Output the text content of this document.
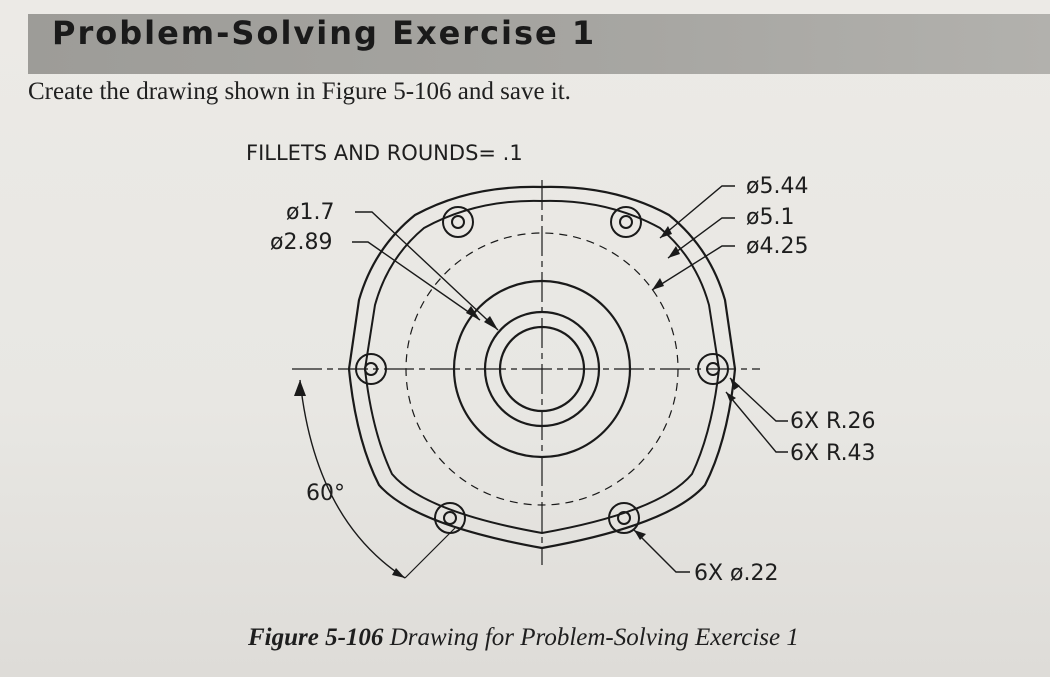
Problem-Solving Exercise 1
Create the drawing shown in Figure 5-106 and save it.
FILLETS AND ROUNDS= .1
ø5.44
ø5.1
ø4.25
ø1.7
ø2.89
6X R.26
6X R.43
6X ø.22
60°
Figure 5-106 Drawing for Problem-Solving Exercise 1
